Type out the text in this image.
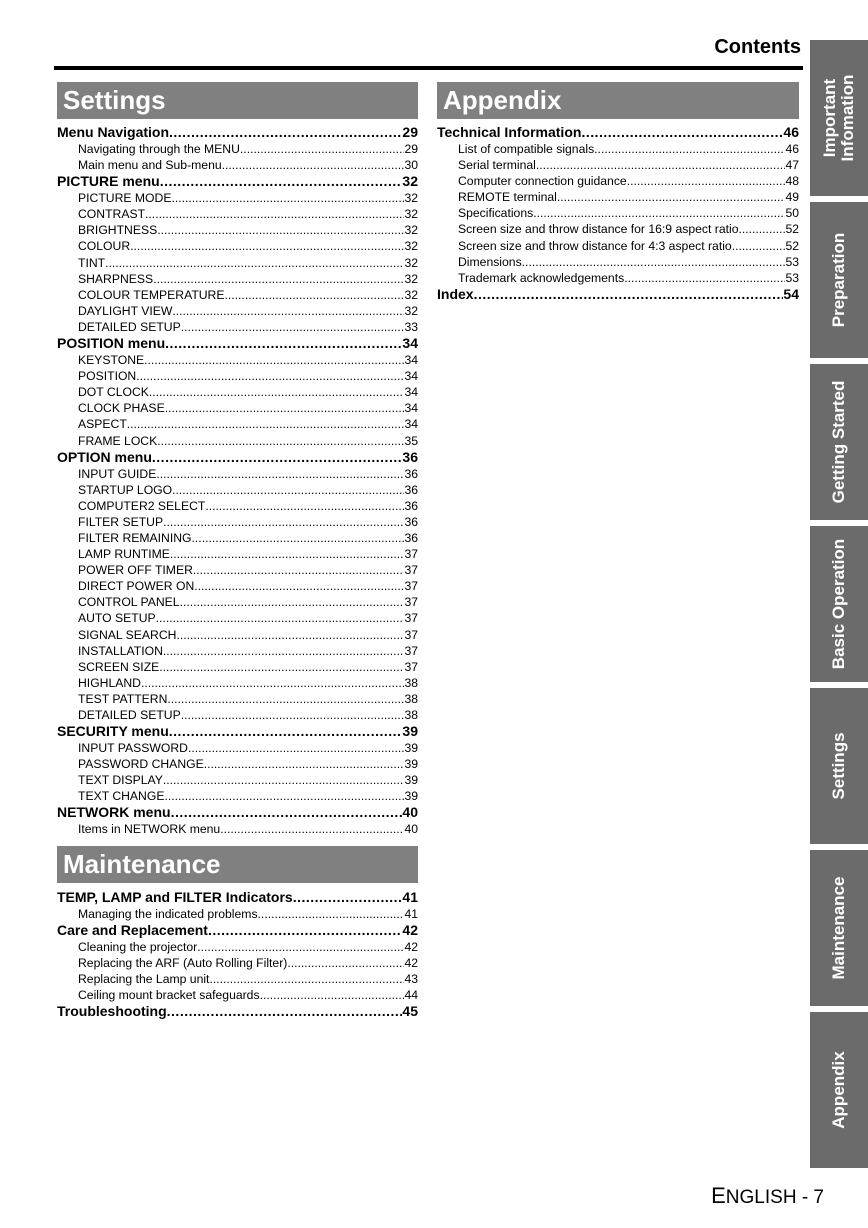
Contents
Settings
Menu Navigation .....	29
Navigating through the MENU .....	29
Main menu and Sub-menu .....	30
PICTURE menu .....	32
PICTURE MODE .....	32
CONTRAST .....	32
BRIGHTNESS .....	32
COLOUR .....	32
TINT .....	32
SHARPNESS .....	32
COLOUR TEMPERATURE .....	32
DAYLIGHT VIEW .....	32
DETAILED SETUP .....	33
POSITION menu .....	34
KEYSTONE .....	34
POSITION .....	34
DOT CLOCK .....	34
CLOCK PHASE .....	34
ASPECT .....	34
FRAME LOCK .....	35
OPTION menu .....	36
INPUT GUIDE .....	36
STARTUP LOGO .....	36
COMPUTER2 SELECT .....	36
FILTER SETUP .....	36
FILTER REMAINING .....	36
LAMP RUNTIME .....	37
POWER OFF TIMER .....	37
DIRECT POWER ON .....	37
CONTROL PANEL .....	37
AUTO SETUP .....	37
SIGNAL SEARCH .....	37
INSTALLATION .....	37
SCREEN SIZE .....	37
HIGHLAND .....	38
TEST PATTERN .....	38
DETAILED SETUP .....	38
SECURITY menu .....	39
INPUT PASSWORD .....	39
PASSWORD CHANGE .....	39
TEXT DISPLAY .....	39
TEXT CHANGE .....	39
NETWORK menu .....	40
Items in NETWORK menu .....	40
Maintenance
TEMP, LAMP and FILTER Indicators .....	41
Managing the indicated problems .....	41
Care and Replacement .....	42
Cleaning the projector .....	42
Replacing the ARF (Auto Rolling Filter) .....	42
Replacing the Lamp unit .....	43
Ceiling mount bracket safeguards .....	44
Troubleshooting .....	45
Appendix
Technical Information .....	46
List of compatible signals .....	46
Serial terminal .....	47
Computer connection guidance .....	48
REMOTE terminal .....	49
Specifications .....	50
Screen size and throw distance for 16:9 aspect ratio .....	52
Screen size and throw distance for 4:3 aspect ratio .....	52
Dimensions .....	53
Trademark acknowledgements .....	53
Index .....	54
Important
Infomation
Preparation
Getting Started
Basic Operation
Settings
Maintenance
Appendix
ENGLISH - 7
